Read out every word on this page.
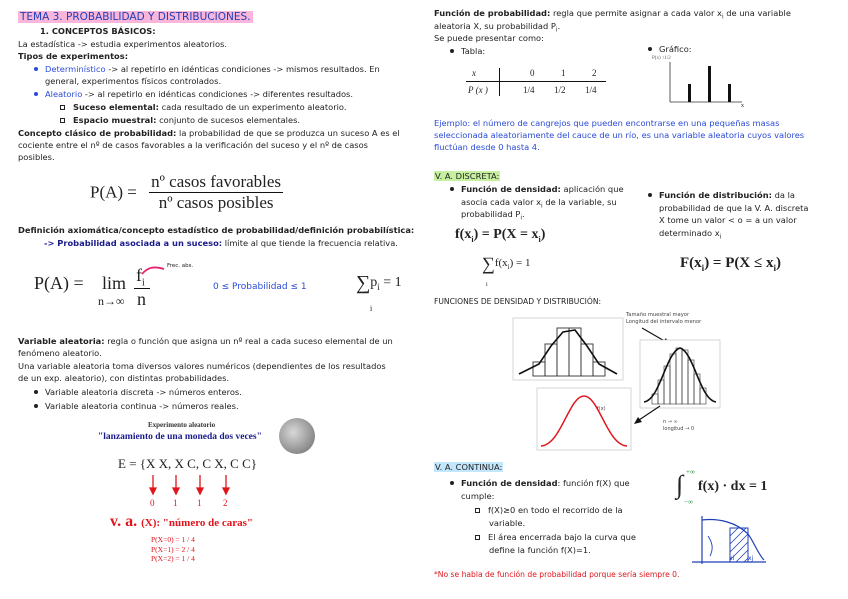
TEMA 3. PROBABILIDAD Y DISTRIBUCIONES.
1. CONCEPTOS BÁSICOS:
La estadística -> estudia experimentos aleatorios.
Tipos de experimentos:
Determinístico -> al repetirlo en idénticas condiciones -> mismos resultados. En
general, experimentos físicos controlados.
Aleatorio -> al repetirlo en idénticas condiciones -> diferentes resultados.
Suceso elemental: cada resultado de un experimento aleatorio.
Espacio muestral: conjunto de sucesos elementales.
Concepto clásico de probabilidad: la probabilidad de que se produzca un suceso A es el
cociente entre el nº de casos favorables a la verificación del suceso y el nº de casos
posibles.
$P(A) = \frac{\text{nº casos favorables}}{\text{nº casos posibles}}$
Definición axiomática/concepto estadístico de probabilidad/definición probabilística:
-> Probabilidad asociada a un suceso: límite al que tiende la frecuencia relativa.
P(A) = lim
n→∞
$f_i$
n
Frec. abs.
0 ≤ Probabilidad ≤ 1 $\sum p_i = 1$
i
Variable aleatoria: regla o función que asigna un nº real a cada suceso elemental de un
fenómeno aleatorio.
Una variable aleatoria toma diversos valores numéricos (dependientes de los resultados
de un exp. aleatorio), con distintas probabilidades.
Variable aleatoria discreta -> números enteros.
Variable aleatoria continua -> números reales.
Experimento aleatorio
"lanzamiento de una moneda dos veces"
E = {X X, X C, C X, C C}
0 1 1 2
v. a. (X): "número de caras"
P(X=0) = 1 / 4
P(X=1) = 2 / 4
P(X=2) = 1 / 4
Función de probabilidad: regla que permite asignar a cada valor $x_i$ de una variable
aleatoria X, su probabilidad $P_i$.
Se puede presentar como:
Tabla:	Gráfico:
x	0	1	2
P (x )	1/4 1/2 1/4
P(x) ↑1/2
x
Ejemplo: el número de cangrejos que pueden encontrarse en una pequeñas masas
seleccionada aleatoriamente del cauce de un río, es una variable aleatoria cuyos valores
fluctúan desde 0 hasta 4.
V. A. DISCRETA:
Función de densidad: aplicación que
asocia cada valor $x_i$ de la variable, su
probabilidad $P_i$.
$f(x_i) = P(X = x_i)$
$\sum f(x_i) = 1$
i
Función de distribución: da la
probabilidad de que la V. A. discreta
X tome un valor < o = a un valor
determinado $x_i$
$F(x_i) = P(X \le x_i)$
FUNCIONES DE DENSIDAD Y DISTRIBUCIÓN:
Tamaño muestral mayor
Longitud del intervalo menor
f(x)
n → ∞
longitud → 0
V. A. CONTINUA:
Función de densidad: función f(X) que
cumple:
f(X)≥0 en todo el recorrido de la
variable.
El área encerrada bajo la curva que
define la función f(X)=1.
∫ +∞
−∞
f(x) · dx = 1
xi xj
*No se habla de función de probabilidad porque sería siempre 0.
